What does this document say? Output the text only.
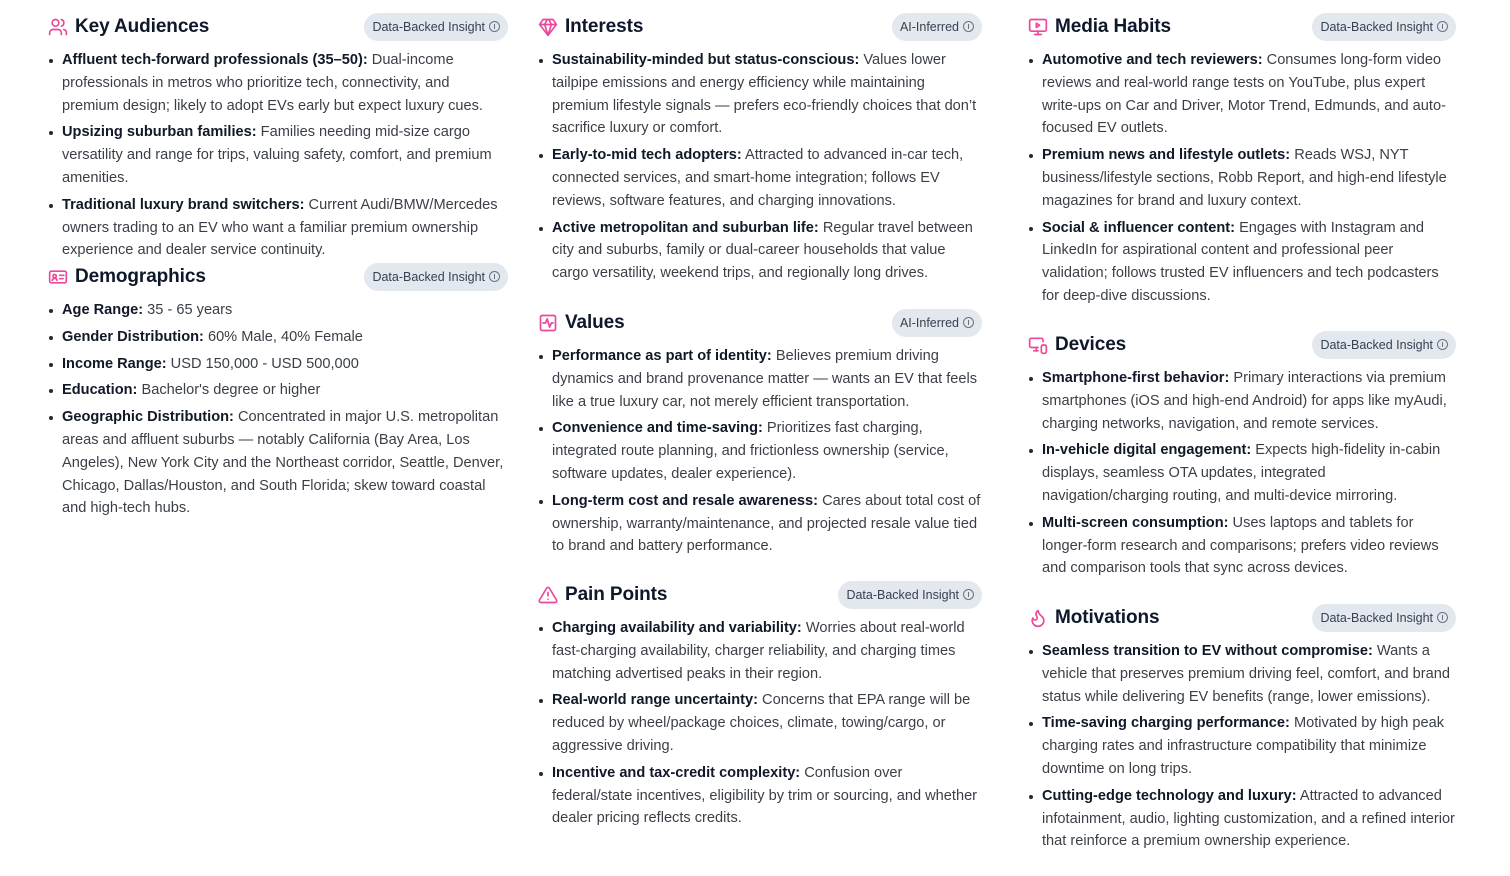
Key Audiences	Data-Backed Insight
Affluent tech-forward professionals (35–50): Dual-income professionals in metros who prioritize tech, connectivity, and premium design; likely to adopt EVs early but expect luxury cues.
Upsizing suburban families: Families needing mid-size cargo versatility and range for trips, valuing safety, comfort, and premium amenities.
Traditional luxury brand switchers: Current Audi/BMW/Mercedes owners trading to an EV who want a familiar premium ownership experience and dealer service continuity.
Demographics	Data-Backed Insight
Age Range: 35 - 65 years
Gender Distribution: 60% Male, 40% Female
Income Range: USD 150,000 - USD 500,000
Education: Bachelor's degree or higher
Geographic Distribution: Concentrated in major U.S. metropolitan areas and affluent suburbs — notably California (Bay Area, Los Angeles), New York City and the Northeast corridor, Seattle, Denver, Chicago, Dallas/Houston, and South Florida; skew toward coastal and high-tech hubs.
Interests	AI-Inferred
Sustainability-minded but status-conscious: Values lower tailpipe emissions and energy efficiency while maintaining premium lifestyle signals — prefers eco-friendly choices that don’t sacrifice luxury or comfort.
Early-to-mid tech adopters: Attracted to advanced in-car tech, connected services, and smart-home integration; follows EV reviews, software features, and charging innovations.
Active metropolitan and suburban life: Regular travel between city and suburbs, family or dual-career households that value cargo versatility, weekend trips, and regionally long drives.
Values	AI-Inferred
Performance as part of identity: Believes premium driving dynamics and brand provenance matter — wants an EV that feels like a true luxury car, not merely efficient transportation.
Convenience and time-saving: Prioritizes fast charging, integrated route planning, and frictionless ownership (service, software updates, dealer experience).
Long-term cost and resale awareness: Cares about total cost of ownership, warranty/maintenance, and projected resale value tied to brand and battery performance.
Pain Points	Data-Backed Insight
Charging availability and variability: Worries about real-world fast-charging availability, charger reliability, and charging times matching advertised peaks in their region.
Real-world range uncertainty: Concerns that EPA range will be reduced by wheel/package choices, climate, towing/cargo, or aggressive driving.
Incentive and tax-credit complexity: Confusion over federal/state incentives, eligibility by trim or sourcing, and whether dealer pricing reflects credits.
Media Habits	Data-Backed Insight
Automotive and tech reviewers: Consumes long-form video reviews and real-world range tests on YouTube, plus expert write-ups on Car and Driver, Motor Trend, Edmunds, and auto-focused EV outlets.
Premium news and lifestyle outlets: Reads WSJ, NYT business/lifestyle sections, Robb Report, and high-end lifestyle magazines for brand and luxury context.
Social & influencer content: Engages with Instagram and LinkedIn for aspirational content and professional peer validation; follows trusted EV influencers and tech podcasters for deep-dive discussions.
Devices	Data-Backed Insight
Smartphone-first behavior: Primary interactions via premium smartphones (iOS and high-end Android) for apps like myAudi, charging networks, navigation, and remote services.
In-vehicle digital engagement: Expects high-fidelity in-cabin displays, seamless OTA updates, integrated navigation/charging routing, and multi-device mirroring.
Multi-screen consumption: Uses laptops and tablets for longer-form research and comparisons; prefers video reviews and comparison tools that sync across devices.
Motivations	Data-Backed Insight
Seamless transition to EV without compromise: Wants a vehicle that preserves premium driving feel, comfort, and brand status while delivering EV benefits (range, lower emissions).
Time-saving charging performance: Motivated by high peak charging rates and infrastructure compatibility that minimize downtime on long trips.
Cutting-edge technology and luxury: Attracted to advanced infotainment, audio, lighting customization, and a refined interior that reinforce a premium ownership experience.
